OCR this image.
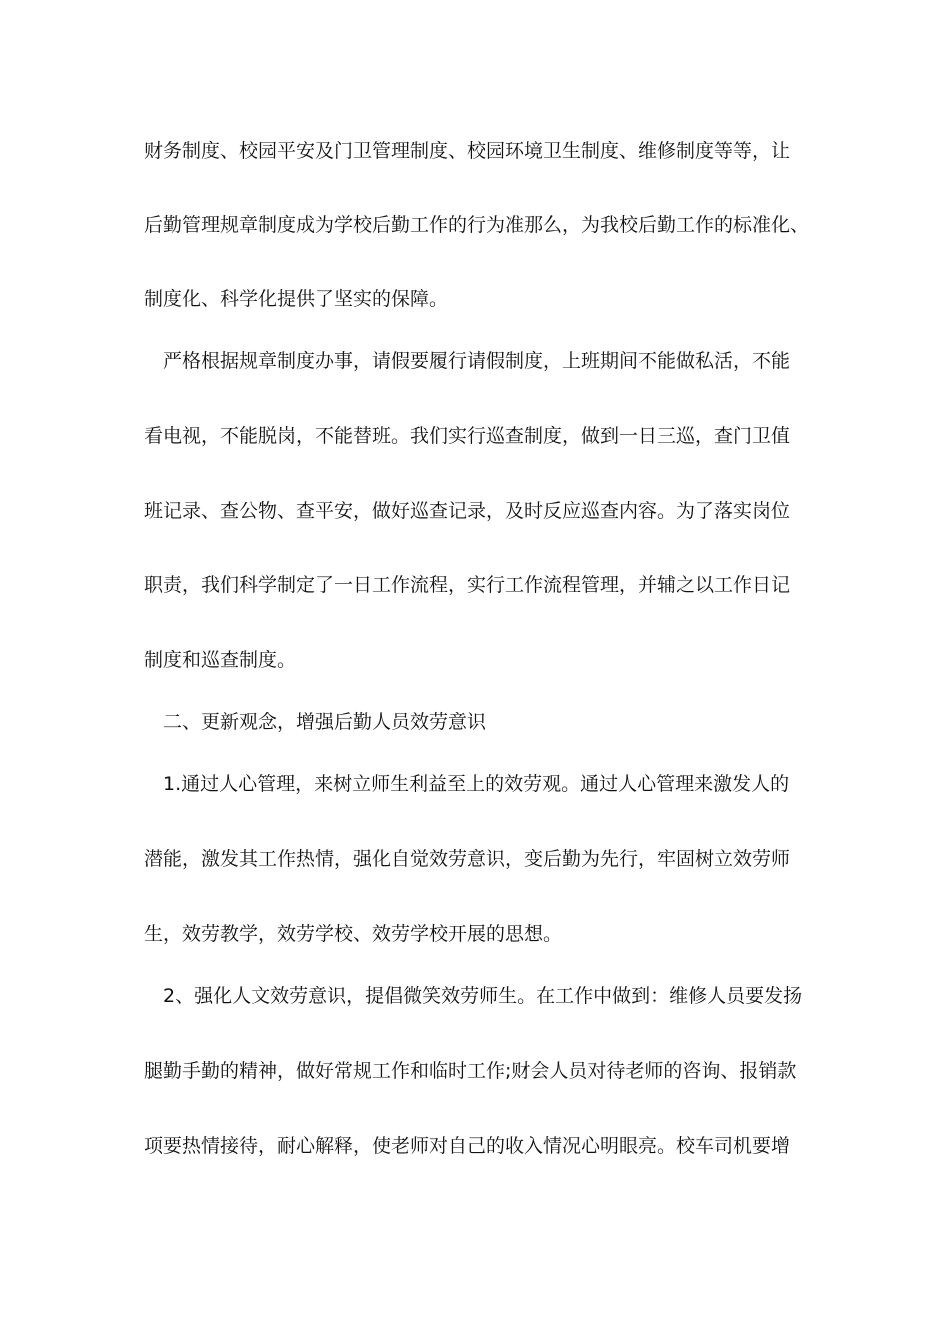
财务制度、校园平安及门卫管理制度、校园环境卫生制度、维修制度等等，让
后勤管理规章制度成为学校后勤工作的行为准那么，为我校后勤工作的标准化、
制度化、科学化提供了坚实的保障。
严格根据规章制度办事，请假要履行请假制度，上班期间不能做私活，不能
看电视，不能脱岗，不能替班。我们实行巡查制度，做到一日三巡，查门卫值
班记录、查公物、查平安，做好巡查记录，及时反应巡查内容。为了落实岗位
职责，我们科学制定了一日工作流程，实行工作流程管理，并辅之以工作日记
制度和巡查制度。
二、更新观念，增强后勤人员效劳意识
1.通过人心管理，来树立师生利益至上的效劳观。通过人心管理来激发人的
潜能，激发其工作热情，强化自觉效劳意识，变后勤为先行，牢固树立效劳师
生，效劳教学，效劳学校、效劳学校开展的思想。
2、强化人文效劳意识，提倡微笑效劳师生。在工作中做到：维修人员要发扬
腿勤手勤的精神，做好常规工作和临时工作;财会人员对待老师的咨询、报销款
项要热情接待，耐心解释，使老师对自己的收入情况心明眼亮。校车司机要增
